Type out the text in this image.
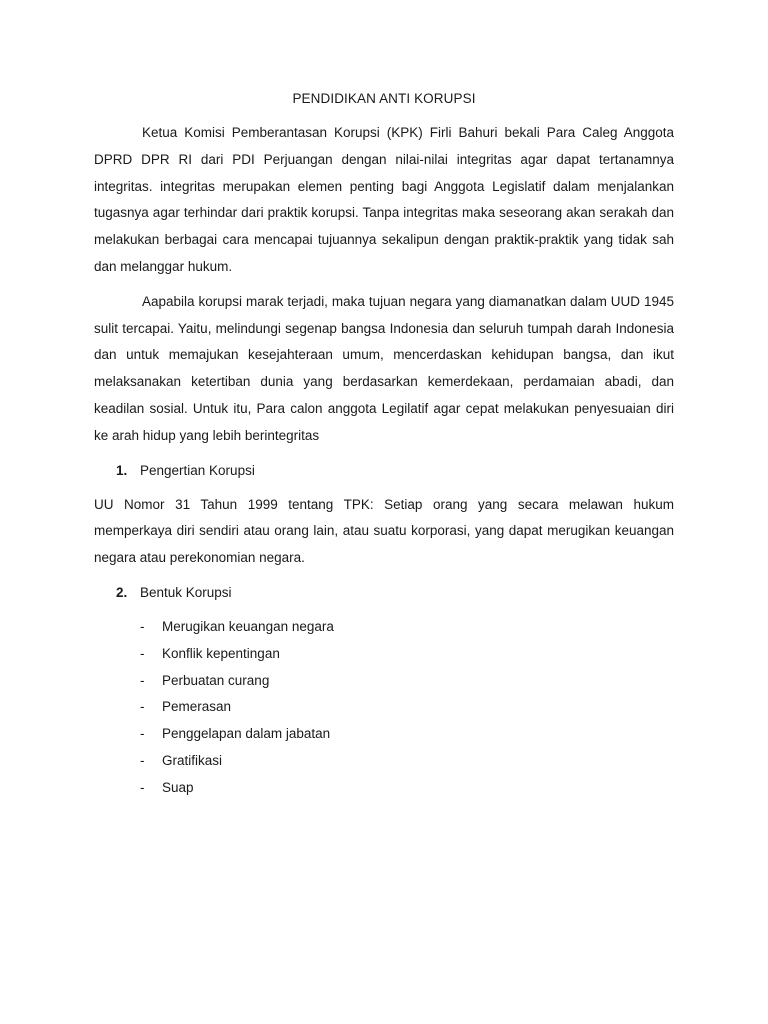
PENDIDIKAN ANTI KORUPSI

Ketua Komisi Pemberantasan Korupsi (KPK) Firli Bahuri bekali Para Caleg Anggota DPRD DPR RI dari PDI Perjuangan dengan nilai-nilai integritas agar dapat tertanamnya integritas. integritas merupakan elemen penting bagi Anggota Legislatif dalam menjalankan tugasnya agar terhindar dari praktik korupsi. Tanpa integritas maka seseorang akan serakah dan melakukan berbagai cara mencapai tujuannya sekalipun dengan praktik-praktik yang tidak sah dan melanggar hukum.

Aapabila korupsi marak terjadi, maka tujuan negara yang diamanatkan dalam UUD 1945 sulit tercapai. Yaitu, melindungi segenap bangsa Indonesia dan seluruh tumpah darah Indonesia dan untuk memajukan kesejahteraan umum, mencerdaskan kehidupan bangsa, dan ikut melaksanakan ketertiban dunia yang berdasarkan kemerdekaan, perdamaian abadi, dan keadilan sosial. Untuk itu, Para calon anggota Legilatif agar cepat melakukan penyesuaian diri ke arah hidup yang lebih berintegritas

1. Pengertian Korupsi

UU Nomor 31 Tahun 1999 tentang TPK: Setiap orang yang secara melawan hukum memperkaya diri sendiri atau orang lain, atau suatu korporasi, yang dapat merugikan keuangan negara atau perekonomian negara.

2. Bentuk Korupsi
-	Merugikan keuangan negara
-	Konflik kepentingan
-	Perbuatan curang
-	Pemerasan
-	Penggelapan dalam jabatan
-	Gratifikasi
-	Suap
